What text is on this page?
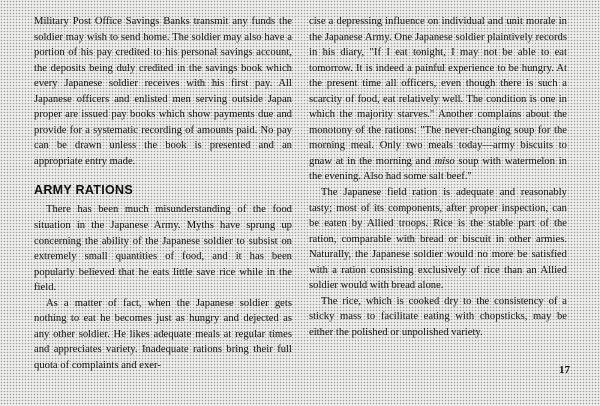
Military Post Office Savings Banks transmit any funds the soldier may wish to send home. The soldier may also have a portion of his pay credited to his personal savings account, the deposits being duly credited in the savings book which every Japanese soldier receives with his first pay. All Japanese officers and enlisted men serving outside Japan proper are issued pay books which show payments due and provide for a systematic recording of amounts paid. No pay can be drawn unless the book is presented and an appropriate entry made.

ARMY RATIONS

There has been much misunderstanding of the food situation in the Japanese Army. Myths have sprung up concerning the ability of the Japanese soldier to subsist on extremely small quantities of food, and it has been popularly believed that he eats little save rice while in the field.

As a matter of fact, when the Japanese soldier gets nothing to eat he becomes just as hungry and dejected as any other soldier. He likes adequate meals at regular times and appreciates variety. Inadequate rations bring their full quota of complaints and exer-

cise a depressing influence on individual and unit morale in the Japanese Army. One Japanese soldier plaintively records in his diary, "If I eat tonight, I may not be able to eat tomorrow. It is indeed a painful experience to be hungry. At the present time all officers, even though there is such a scarcity of food, eat relatively well. The condition is one in which the majority starves." Another complains about the monotony of the rations: "The never-changing soup for the morning meal. Only two meals today—army biscuits to gnaw at in the morning and miso soup with watermelon in the evening. Also had some salt beef."

The Japanese field ration is adequate and reasonably tasty; most of its components, after proper inspection, can be eaten by Allied troops. Rice is the stable part of the ration, comparable with bread or biscuit in other armies. Naturally, the Japanese soldier would no more be satisfied with a ration consisting exclusively of rice than an Allied soldier would with bread alone.

The rice, which is cooked dry to the consistency of a sticky mass to facilitate eating with chopsticks, may be either the polished or unpolished variety.

17
